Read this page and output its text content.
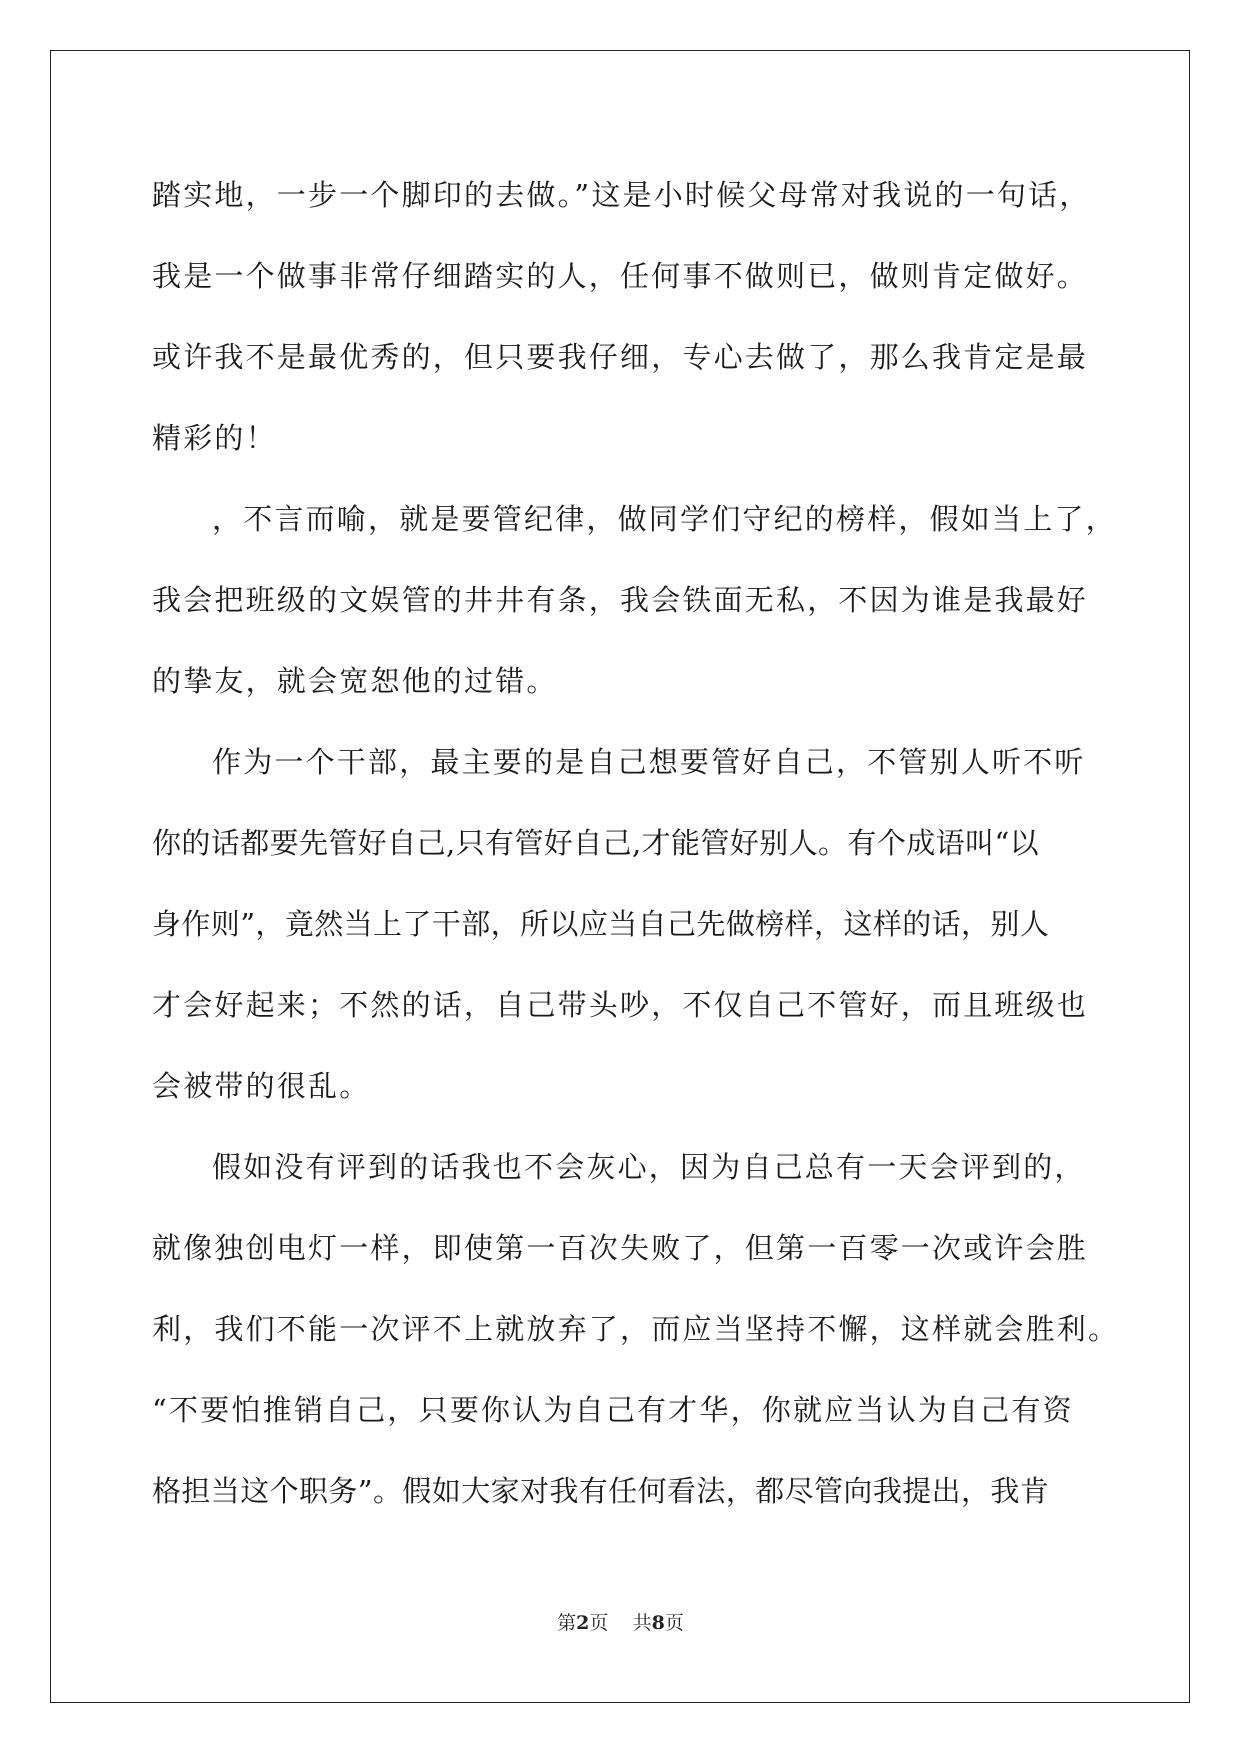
踏实地，一步一个脚印的去做。”这是小时候父母常对我说的一句话，
我是一个做事非常仔细踏实的人，任何事不做则已，做则肯定做好。
或许我不是最优秀的，但只要我仔细，专心去做了，那么我肯定是最
精彩的！
，不言而喻，就是要管纪律，做同学们守纪的榜样，假如当上了，
我会把班级的文娱管的井井有条，我会铁面无私，不因为谁是我最好
的挚友，就会宽恕他的过错。
作为一个干部，最主要的是自己想要管好自己，不管别人听不听
你的话都要先管好自己,只有管好自己,才能管好别人。有个成语叫“以
身作则”，竟然当上了干部，所以应当自己先做榜样，这样的话，别人
才会好起来；不然的话，自己带头吵，不仅自己不管好，而且班级也
会被带的很乱。
假如没有评到的话我也不会灰心，因为自己总有一天会评到的，
就像独创电灯一样，即使第一百次失败了，但第一百零一次或许会胜
利，我们不能一次评不上就放弃了，而应当坚持不懈，这样就会胜利。
“不要怕推销自己，只要你认为自己有才华，你就应当认为自己有资
格担当这个职务”。假如大家对我有任何看法，都尽管向我提出，我肯
第2页 共8页
